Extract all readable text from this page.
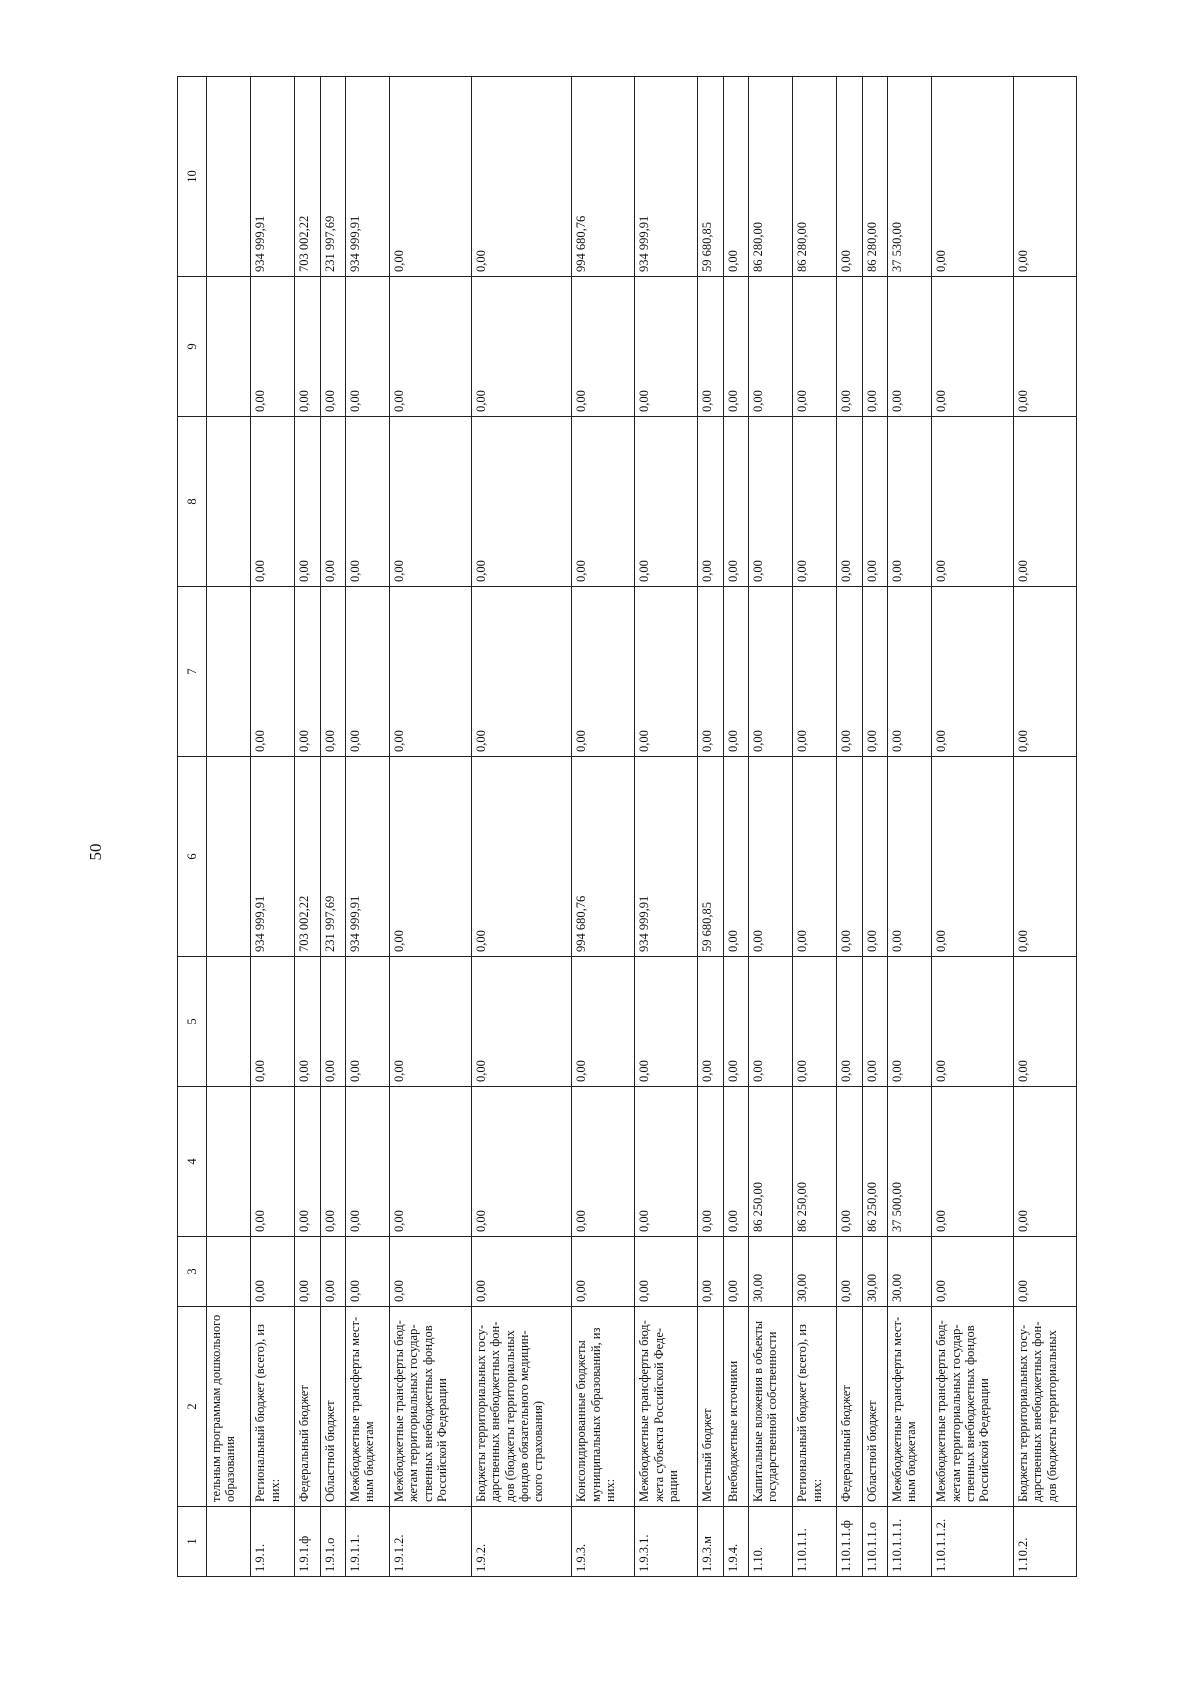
50
1	2	3	4	5	6	7	8	9	10
	тельным программам дошкольного
образования								
1.9.1.	Региональный бюджет (всего), из
них:	0,00	0,00	0,00	934 999,91	0,00	0,00	0,00	934 999,91
1.9.1.ф	Федеральный бюджет	0,00	0,00	0,00	703 002,22	0,00	0,00	0,00	703 002,22
1.9.1.о	Областной бюджет	0,00	0,00	0,00	231 997,69	0,00	0,00	0,00	231 997,69
1.9.1.1.	Межбюджетные трансферты мест-
ным бюджетам	0,00	0,00	0,00	934 999,91	0,00	0,00	0,00	934 999,91
1.9.1.2.	Межбюджетные трансферты бюд-
жетам территориальных государ-
ственных внебюджетных фондов
Российской Федерации	0,00	0,00	0,00	0,00	0,00	0,00	0,00	0,00
1.9.2.	Бюджеты территориальных госу-
дарственных внебюджетных фон-
дов (бюджеты территориальных
фондов обязательного медицин-
ского страхования)	0,00	0,00	0,00	0,00	0,00	0,00	0,00	0,00
1.9.3.	Консолидированные бюджеты
муниципальных образований, из
них:	0,00	0,00	0,00	994 680,76	0,00	0,00	0,00	994 680,76
1.9.3.1.	Межбюджетные трансферты бюд-
жета субъекта Российской Феде-
рации	0,00	0,00	0,00	934 999,91	0,00	0,00	0,00	934 999,91
1.9.3.м	Местный бюджет	0,00	0,00	0,00	59 680,85	0,00	0,00	0,00	59 680,85
1.9.4.	Внебюджетные источники	0,00	0,00	0,00	0,00	0,00	0,00	0,00	0,00
1.10.	Капитальные вложения в объекты
государственной собственности	30,00	86 250,00	0,00	0,00	0,00	0,00	0,00	86 280,00
1.10.1.1.	Региональный бюджет (всего), из
них:	30,00	86 250,00	0,00	0,00	0,00	0,00	0,00	86 280,00
1.10.1.1.ф	Федеральный бюджет	0,00	0,00	0,00	0,00	0,00	0,00	0,00	0,00
1.10.1.1.о	Областной бюджет	30,00	86 250,00	0,00	0,00	0,00	0,00	0,00	86 280,00
1.10.1.1.1.	Межбюджетные трансферты мест-
ным бюджетам	30,00	37 500,00	0,00	0,00	0,00	0,00	0,00	37 530,00
1.10.1.1.2.	Межбюджетные трансферты бюд-
жетам территориальных государ-
ственных внебюджетных фондов
Российской Федерации	0,00	0,00	0,00	0,00	0,00	0,00	0,00	0,00
1.10.2.	Бюджеты территориальных госу-
дарственных внебюджетных фон-
дов (бюджеты территориальных	0,00	0,00	0,00	0,00	0,00	0,00	0,00	0,00
